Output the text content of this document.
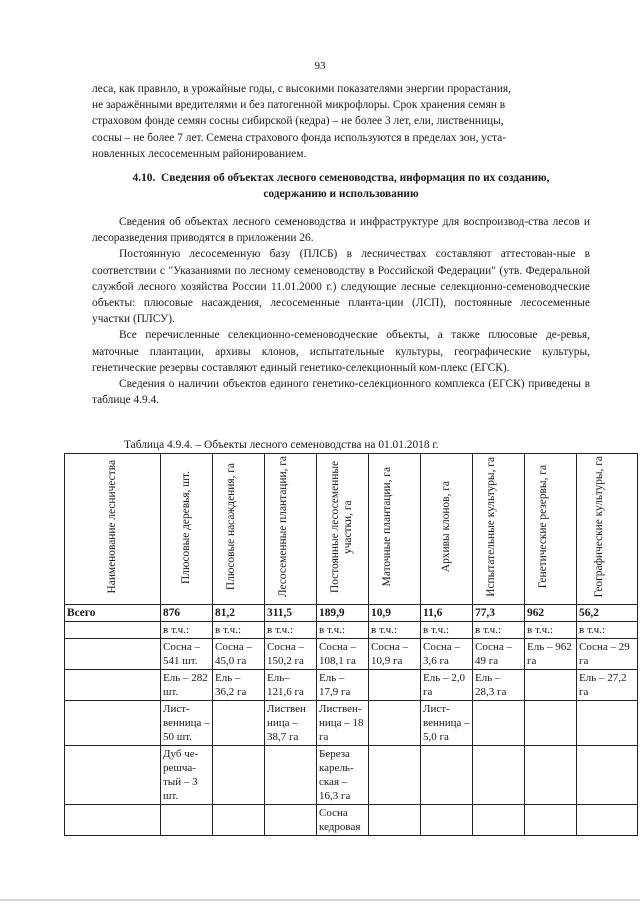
93
леса, как правило, в урожайные годы, с высокими показателями энергии прорастания,
не заражёнными вредителями и без патогенной микрофлоры. Срок хранения семян в
страховом фонде семян сосны сибирской (кедра) – не более 3 лет, ели, лиственницы,
сосны – не более 7 лет. Семена страхового фонда используются в пределах зон, уста-
новленных лесосеменным районированием.
4.10. Сведения об объектах лесного семеноводства, информация по их созданию,
содержанию и использованию

Сведения об объектах лесного семеноводства и инфраструктуре для воспроизвод-ства лесов и лесоразведения приводятся в приложении 26.

Постоянную лесосеменную базу (ПЛСБ) в лесничествах составляют аттестован-ные в соответствии с "Указаниями по лесному семеноводству в Российской Федерации" (утв. Федеральной службой лесного хозяйства России 11.01.2000 г.) следующие лесные селекционно-семеноводческие объекты: плюсовые насаждения, лесосеменные планта-ции (ЛСП), постоянные лесосеменные участки (ПЛСУ).

Все перечисленные селекционно-семеноводческие объекты, а также плюсовые де-ревья, маточные плантации, архивы клонов, испытательные культуры, географические культуры, генетические резервы составляют единый генетико-селекционный ком-плекс (ЕГСК).

Сведения о наличии объектов единого генетико-селекционного комплекса (ЕГСК) приведены в таблице 4.9.4.

Таблица 4.9.4. – Объекты лесного семеноводства на 01.01.2018 г.
Наименование лесничества	Плюсовые деревья, шт.	Плюсовые насаждения, га	Лесосеменные плантации, га	Постоянные лесосеменные участки, га	Маточные плантации, га	Архивы клонов, га	Испытательные культуры, га	Генетические резервы, га	Географические культуры, га
Всего	876	81,2	311,5	189,9	10,9	11,6	77,3	962	56,2
	в т.ч.:	в т.ч.:	в т.ч.:	в т.ч.:	в т.ч.:	в т.ч.:	в т.ч.:	в т.ч.:	в т.ч.:
	Сосна – 541 шт.	Сосна – 45,0 га	Сосна – 150,2 га	Сосна – 108,1 га	Сосна – 10,9 га	Сосна – 3,6 га	Сосна – 49 га	Ель – 962 га	Сосна – 29 га
	Ель – 282 шт.	Ель – 36,2 га	Ель– 121,6 га	Ель – 17,9 га		Ель – 2,0 га	Ель – 28,3 га		Ель – 27,2 га
	Лист-венница – 50 шт.		Листвен ница – 38,7 га	Листвен-ница – 18 га		Лист-венница – 5,0 га			
	Дуб че-решча-тый – 3 шт.			Береза карель-ская – 16,3 га					
				Сосна кедровая					
